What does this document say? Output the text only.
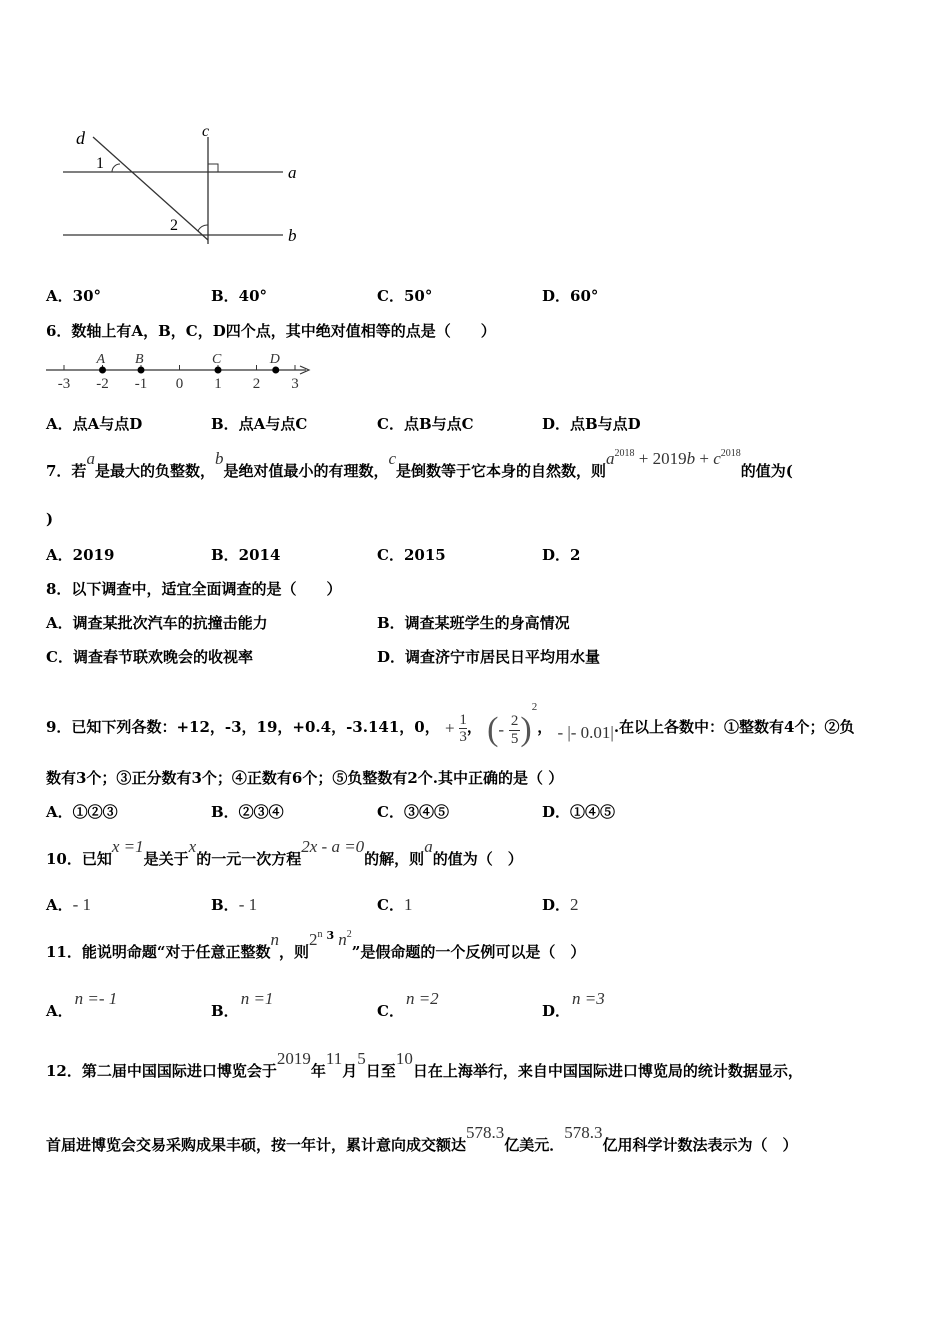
d	c
a
b
1
2
A．30°	B．40°	C．50°	D．60°
6．数轴上有A，B，C，D四个点，其中绝对值相等的点是（　　）
-3 -2 -1 0 1 2 3
A B	C	D
A．点A与点D	B．点A与点C	C．点B与点C	D．点B与点D
7．若a是最大的负整数，b是绝对值最小的有理数，c是倒数等于它本身的自然数，则$a^{2018} + 2019b + c^{2018}$的值为(
)
A．2019	B．2014	C．2015	D．2
8．以下调查中，适宜全面调查的是（　　）
A．调查某批次汽车的抗撞击能力	B．调查某班学生的身高情况
C．调查春节联欢晚会的收视率	D．调查济宁市居民日平均用水量
9．已知下列各数：+12，-3，19，+0.4，-3.141，0， + $\frac{1}{3}$ ， (- $\frac{2}{5} )^2$， - |- 0.01|.在以上各数中：①整数有4个；②负
数有3个；③正分数有3个；④正数有6个；⑤负整数有2个.其中正确的是（ ）
A．①②③	B．②③④	C．③④⑤	D．①④⑤
10．已知x =1是关于x的一元一次方程2x - a =0的解，则a的值为（　）
A．- 1	B．- 1	C．1	D．2
11．能说明命题“对于任意正整数n，则2$^n$ $^3$ $n^2$”是假命题的一个反例可以是（　）
A．n =- 1
B．n =1
C．n =2
D．n =3
12．第二届中国国际进口博览会于2019年11月5日至10日在上海举行，来自中国国际进口博览局的统计数据显示，
首届进博览会交易采购成果丰硕，按一年计，累计意向成交额达578.3亿美元．578.3亿用科学计数法表示为（　）
